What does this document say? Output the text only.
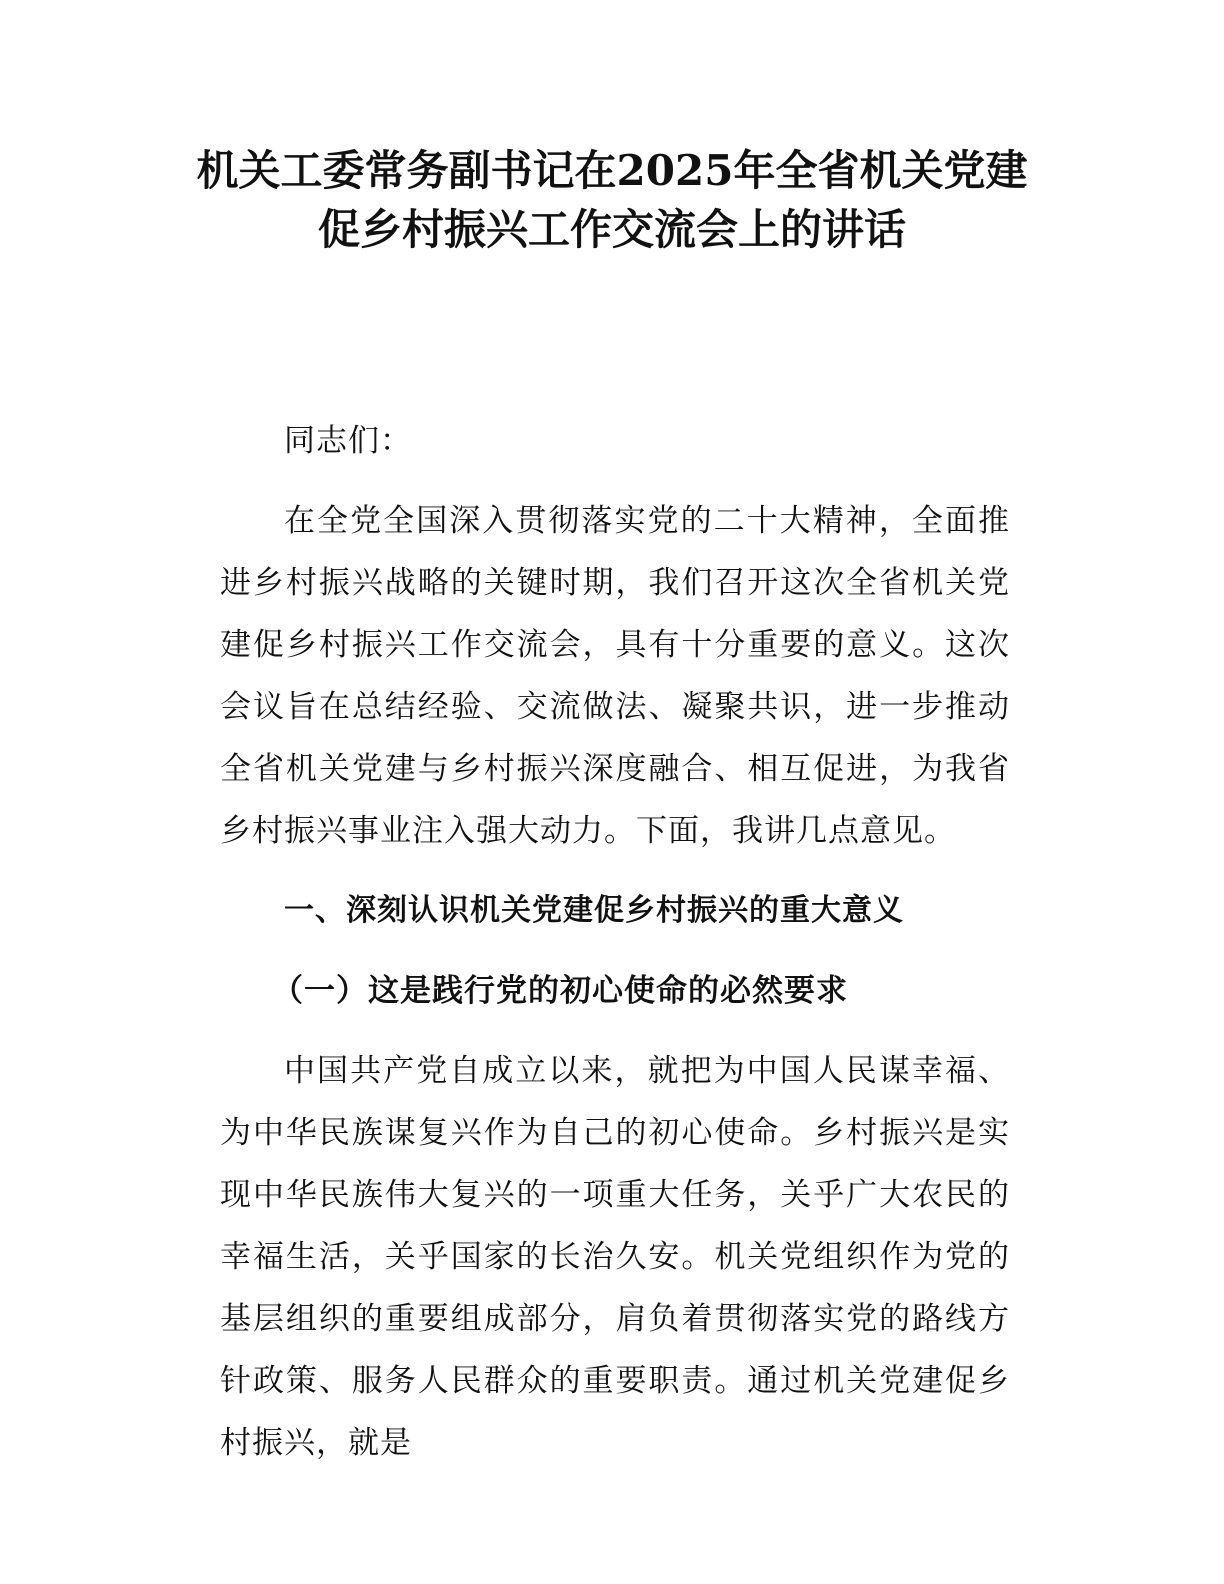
机关工委常务副书记在2025年全省机关党建
促乡村振兴工作交流会上的讲话

同志们：

在全党全国深入贯彻落实党的二十大精神，全面推进乡村振兴战略的关键时期，我们召开这次全省机关党建促乡村振兴工作交流会，具有十分重要的意义。这次会议旨在总结经验、交流做法、凝聚共识，进一步推动全省机关党建与乡村振兴深度融合、相互促进，为我省乡村振兴事业注入强大动力。下面，我讲几点意见。

一、深刻认识机关党建促乡村振兴的重大意义
（一）这是践行党的初心使命的必然要求

中国共产党自成立以来，就把为中国人民谋幸福、为中华民族谋复兴作为自己的初心使命。乡村振兴是实现中华民族伟大复兴的一项重大任务，关乎广大农民的幸福生活，关乎国家的长治久安。机关党组织作为党的基层组织的重要组成部分，肩负着贯彻落实党的路线方针政策、服务人民群众的重要职责。通过机关党建促乡村振兴，就是
